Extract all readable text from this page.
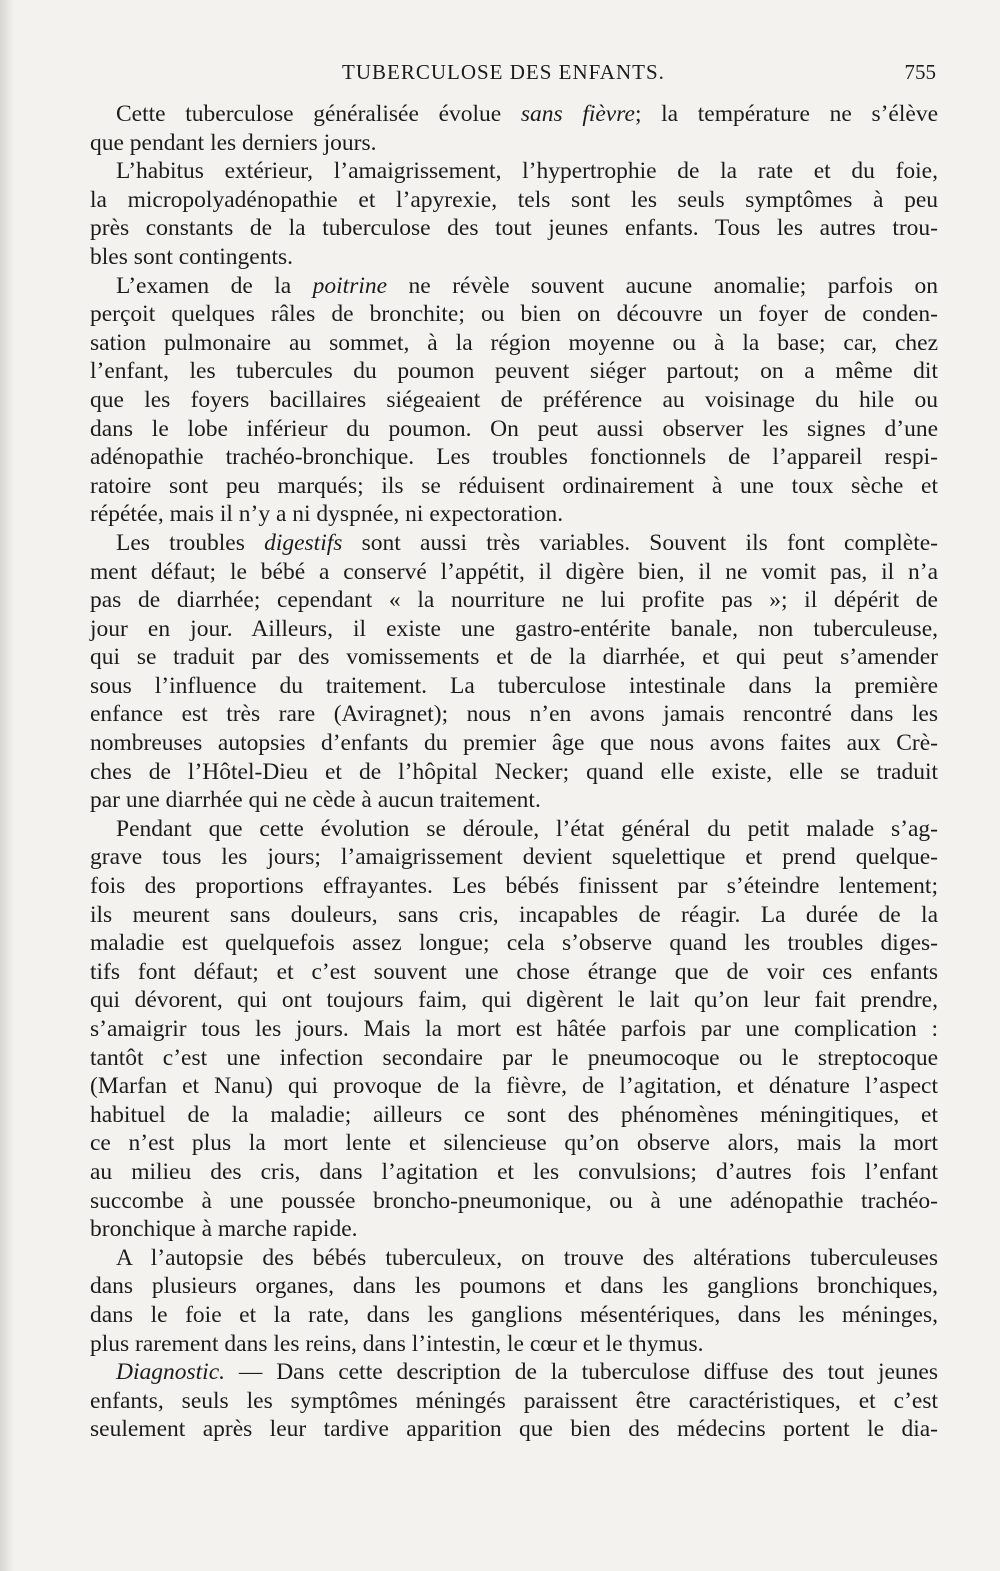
TUBERCULOSE DES ENFANTS.	755
Cette tuberculose généralisée évolue sans fièvre; la température ne s’élève
que pendant les derniers jours.
L’habitus extérieur, l’amaigrissement, l’hypertrophie de la rate et du foie,
la micropolyadénopathie et l’apyrexie, tels sont les seuls symptômes à peu
près constants de la tuberculose des tout jeunes enfants. Tous les autres trou-
bles sont contingents.
L’examen de la poitrine ne révèle souvent aucune anomalie; parfois on
perçoit quelques râles de bronchite; ou bien on découvre un foyer de conden-
sation pulmonaire au sommet, à la région moyenne ou à la base; car, chez
l’enfant, les tubercules du poumon peuvent siéger partout; on a même dit
que les foyers bacillaires siégeaient de préférence au voisinage du hile ou
dans le lobe inférieur du poumon. On peut aussi observer les signes d’une
adénopathie trachéo-bronchique. Les troubles fonctionnels de l’appareil respi-
ratoire sont peu marqués; ils se réduisent ordinairement à une toux sèche et
répétée, mais il n’y a ni dyspnée, ni expectoration.
Les troubles digestifs sont aussi très variables. Souvent ils font complète-
ment défaut; le bébé a conservé l’appétit, il digère bien, il ne vomit pas, il n’a
pas de diarrhée; cependant « la nourriture ne lui profite pas »; il dépérit de
jour en jour. Ailleurs, il existe une gastro-entérite banale, non tuberculeuse,
qui se traduit par des vomissements et de la diarrhée, et qui peut s’amender
sous l’influence du traitement. La tuberculose intestinale dans la première
enfance est très rare (Aviragnet); nous n’en avons jamais rencontré dans les
nombreuses autopsies d’enfants du premier âge que nous avons faites aux Crè-
ches de l’Hôtel-Dieu et de l’hôpital Necker; quand elle existe, elle se traduit
par une diarrhée qui ne cède à aucun traitement.
Pendant que cette évolution se déroule, l’état général du petit malade s’ag-
grave tous les jours; l’amaigrissement devient squelettique et prend quelque-
fois des proportions effrayantes. Les bébés finissent par s’éteindre lentement;
ils meurent sans douleurs, sans cris, incapables de réagir. La durée de la
maladie est quelquefois assez longue; cela s’observe quand les troubles diges-
tifs font défaut; et c’est souvent une chose étrange que de voir ces enfants
qui dévorent, qui ont toujours faim, qui digèrent le lait qu’on leur fait prendre,
s’amaigrir tous les jours. Mais la mort est hâtée parfois par une complication :
tantôt c’est une infection secondaire par le pneumocoque ou le streptocoque
(Marfan et Nanu) qui provoque de la fièvre, de l’agitation, et dénature l’aspect
habituel de la maladie; ailleurs ce sont des phénomènes méningitiques, et
ce n’est plus la mort lente et silencieuse qu’on observe alors, mais la mort
au milieu des cris, dans l’agitation et les convulsions; d’autres fois l’enfant
succombe à une poussée broncho-pneumonique, ou à une adénopathie trachéo-
bronchique à marche rapide.
A l’autopsie des bébés tuberculeux, on trouve des altérations tuberculeuses
dans plusieurs organes, dans les poumons et dans les ganglions bronchiques,
dans le foie et la rate, dans les ganglions mésentériques, dans les méninges,
plus rarement dans les reins, dans l’intestin, le cœur et le thymus.
Diagnostic. — Dans cette description de la tuberculose diffuse des tout jeunes
enfants, seuls les symptômes méningés paraissent être caractéristiques, et c’est
seulement après leur tardive apparition que bien des médecins portent le dia-
